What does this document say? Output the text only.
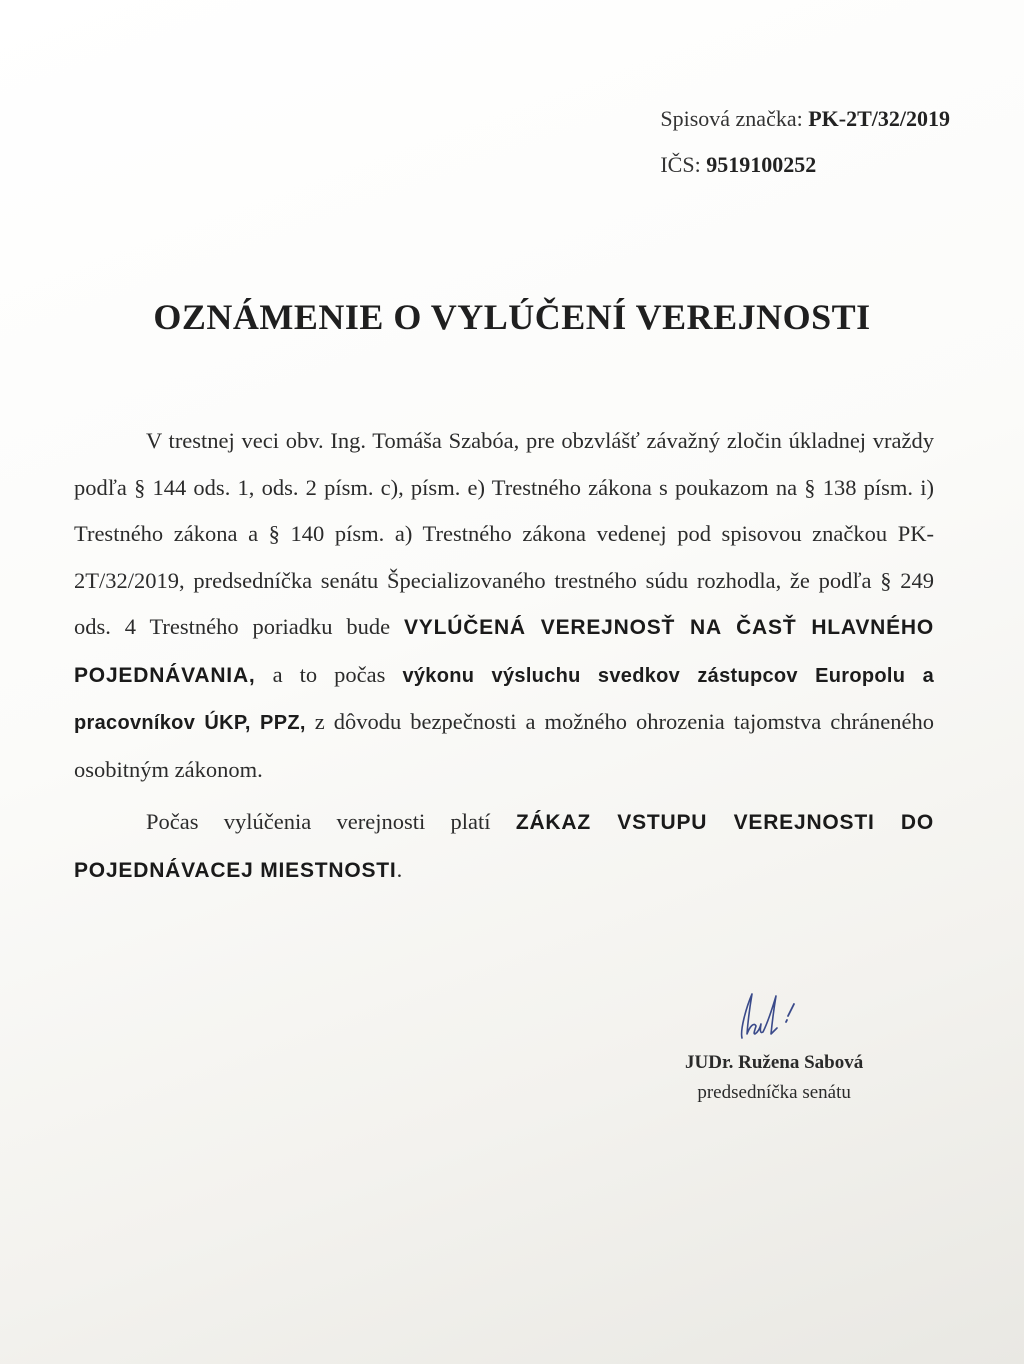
Spisová značka: PK-2T/32/2019
IČS: 9519100252
OZNÁMENIE O VYLÚČENÍ VEREJNOSTI

V trestnej veci obv. Ing. Tomáša Szabóa, pre obzvlášť závažný zločin úkladnej vraždy podľa § 144 ods. 1, ods. 2 písm. c), písm. e) Trestného zákona s poukazom na § 138 písm. i) Trestného zákona a § 140 písm. a) Trestného zákona vedenej pod spisovou značkou PK-2T/32/2019, predsedníčka senátu Špecializovaného trestného súdu rozhodla, že podľa § 249 ods. 4 Trestného poriadku bude VYLÚČENÁ VEREJNOSŤ NA ČASŤ HLAVNÉHO POJEDNÁVANIA, a to počas výkonu výsluchu svedkov zástupcov Europolu a pracovníkov ÚKP, PPZ, z dôvodu bezpečnosti a možného ohrozenia tajomstva chráneného osobitným zákonom.

Počas vylúčenia verejnosti platí ZÁKAZ VSTUPU VEREJNOSTI DO POJEDNÁVACEJ MIESTNOSTI.

JUDr. Ružena Sabová
predsedníčka senátu
